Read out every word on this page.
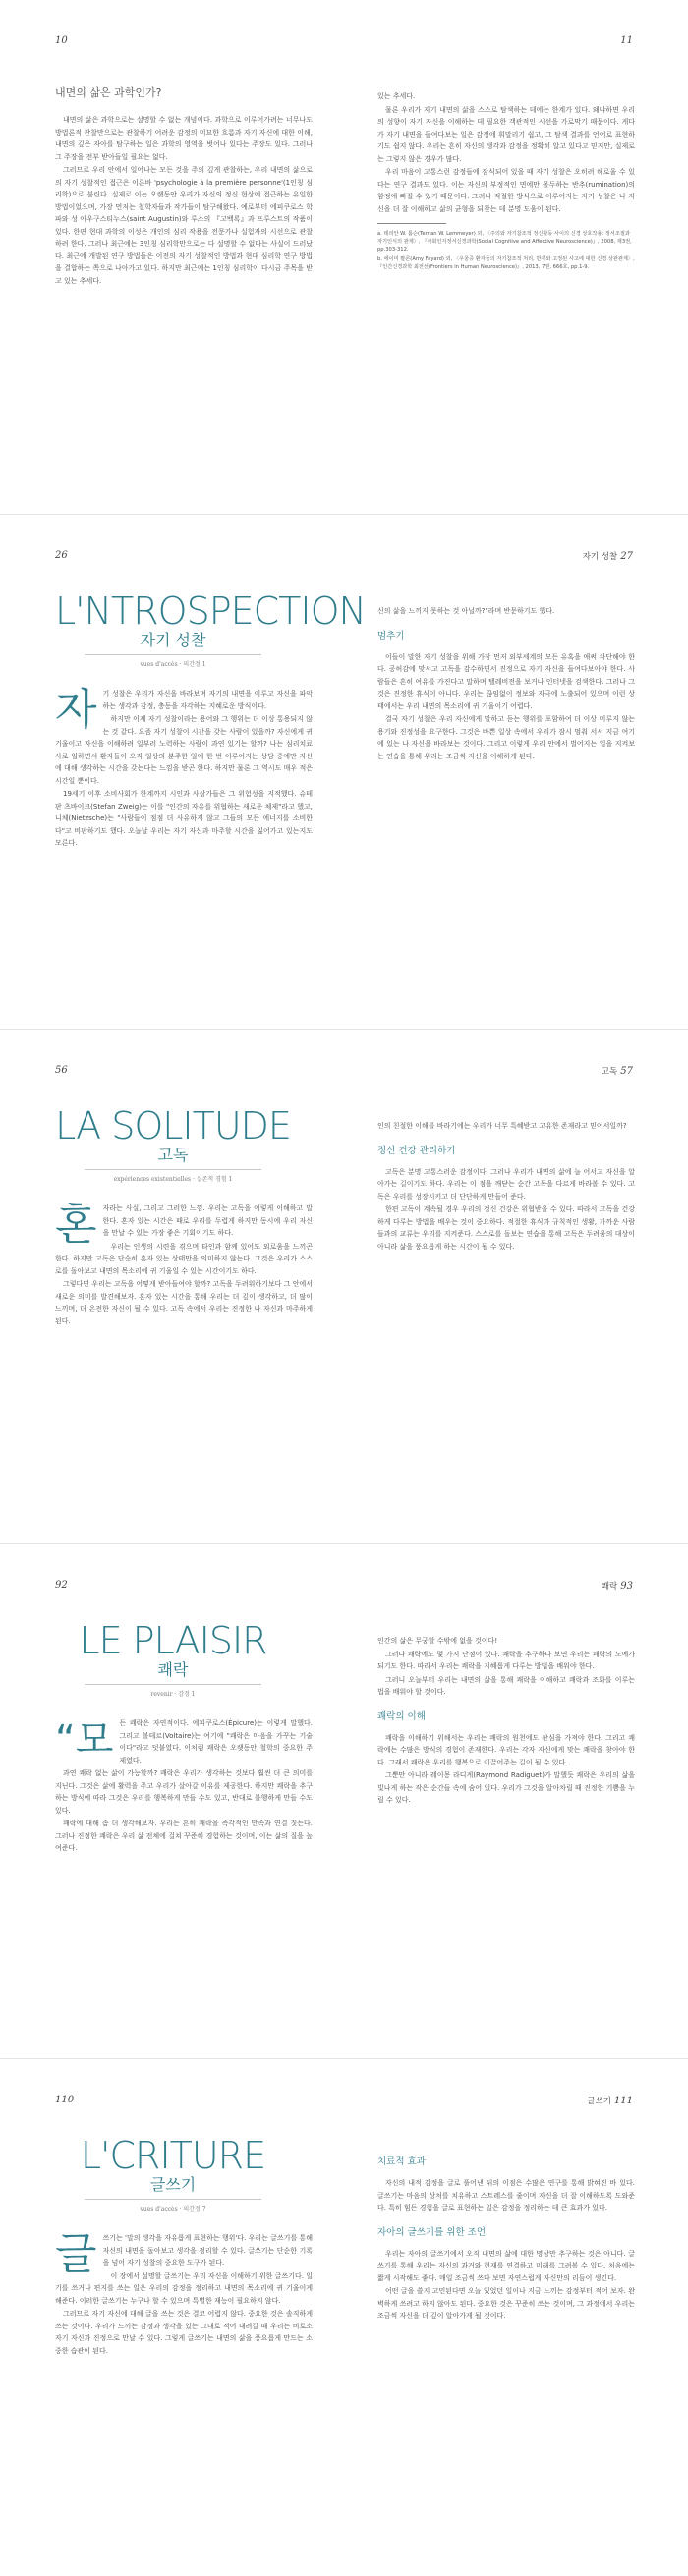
10
내면의 삶은 과학인가?

내면의 삶은 과학으로는 설명할 수 없는 개념이다. 과학으로 이루어가려는 너무나도 방법론적 관찰만으로는 관찰하기 어려운 감정의 미묘한 흐름과 자기 자신에 대한 이해, 내면의 깊은 자아를 탐구하는 일은 과학의 영역을 벗어나 있다는 주장도 있다. 그러나 그 주장을 전부 받아들일 필요는 없다.

그러므로 우리 안에서 일어나는 모든 것을 주의 깊게 관찰하는, 우리 내면의 삶으로의 자기 성찰적인 접근은 이른바 'psychologie à la première personne'(1인칭 심리학)으로 불린다. 실제로 이는 오랫동안 우리가 자신의 정신 현상에 접근하는 유일한 방법이었으며, 가장 먼저는 철학자들과 작가들이 탐구해왔다. 예로부터 에피쿠로스 학파와 성 아우구스티누스(saint Augustin)와 루소의 『고백록』과 프루스트의 작품이 있다. 한편 현대 과학의 이성은 개인의 심리 작용을 전문가나 실험자의 시선으로 관찰하려 한다. 그러나 최근에는 3인칭 심리학만으로는 다 설명할 수 없다는 사실이 드러났다. 최근에 개발된 연구 방법들은 이전의 자기 성찰적인 방법과 현대 심리학 연구 방법을 결합하는 쪽으로 나아가고 있다. 하지만 최근에는 1인칭 심리학이 다시금 주목을 받고 있는 추세다.

11

있는 추세다.

물론 우리가 자기 내면의 삶을 스스로 탐색하는 데에는 한계가 있다. 왜냐하면 우리의 성향이 자기 자신을 이해하는 데 필요한 객관적인 시선을 가로막기 때문이다. 게다가 자기 내면을 들여다보는 일은 감정에 휘말리기 쉽고, 그 탐색 결과를 언어로 표현하기도 쉽지 않다. 우리는 흔히 자신의 생각과 감정을 정확히 알고 있다고 믿지만, 실제로는 그렇지 않은 경우가 많다.

우리 마음이 고통스런 감정들에 잠식되어 있을 때 자기 성찰은 오히려 해로울 수 있다는 연구 결과도 있다. 이는 자신의 부정적인 면에만 몰두하는 반추(rumination)의 함정에 빠질 수 있기 때문이다. 그러나 적절한 방식으로 이루어지는 자기 성찰은 나 자신을 더 잘 이해하고 삶의 균형을 되찾는 데 분명 도움이 된다.

a. 테리안 W. 톰슨(Terrian W. Lemmeyer) 외, 〈주의와 자기참조적 정신활동 사이의 신경 상호작용: 정서조절과 자기인식의 관계〉, 『사회인지정서신경과학(Social Cognitive and Affective Neuroscience)』, 2008, 제3권, pp.303-312.

b. 에이미 팔콘(Amy Fayard) 외, 〈우울증 환자들의 자기참조적 처리, 반추와 고정된 사고에 대한 신경 상관관계〉, 『인간신경과학 최전선(Frontiers in Human Neuroscience)』, 2013, 7권, 666호, pp.1-9.

26
L'NTROSPECTION
자기 성찰
vues d'accès · 의간정 1

자기 성찰은 우리가 자신을 바라보며 자기의 내면을 이루고 자신을 파악하는 생각과 감정, 충동을 자각하는 지혜로운 방식이다.

하지만 이제 자기 성찰이라는 용어와 그 행위는 더 이상 통용되지 않는 것 같다. 요즘 자기 성찰이 시간을 갖는 사람이 있을까? 자신에게 귀 기울이고 자신을 이해하려 일부러 노력하는 사람이 과연 있기는 할까? 나는 심리치료사로 일하면서 환자들이 오직 일상의 분주한 일에 한 번 이루어지는 상담 중에만 자신에 대해 생각하는 시간을 갖는다는 느낌을 받곤 한다. 하지만 물론 그 역시도 매우 적은 시간일 뿐이다.

19세기 이후 소비사회가 한계까지 시인과 사상가들은 그 위험성을 지적했다. 슈테판 츠바이크(Stefan Zweig)는 이를 "인간의 자유를 위협하는 새로운 체제"라고 했고, 니체(Nietzsche)는 "사람들이 점점 더 사유하지 않고 그들의 모든 에너지를 소비한다"고 비판하기도 했다. 오늘날 우리는 자기 자신과 마주할 시간을 잃어가고 있는지도 모른다.

자기 성찰 27

신의 삶을 느끼지 못하는 것 아닐까?"라며 반문하기도 했다.

멈추기

이들이 말한 자기 성찰을 위해 가장 먼저 외부세계의 모든 유혹을 애써 차단해야 한다. 공허감에 맞서고 고독을 감수하면서 진정으로 자기 자신을 들여다보아야 한다. 사람들은 흔히 여유를 가진다고 말하며 텔레비전을 보거나 인터넷을 검색한다. 그러나 그것은 진정한 휴식이 아니다. 우리는 끊임없이 정보와 자극에 노출되어 있으며 이런 상태에서는 우리 내면의 목소리에 귀 기울이기 어렵다.

결국 자기 성찰은 우리 자신에게 말하고 듣는 행위를 포함하여 더 이상 미루지 않는 용기와 진정성을 요구한다. 그것은 바쁜 일상 속에서 우리가 잠시 멈춰 서서 지금 여기에 있는 나 자신을 바라보는 것이다. 그리고 이렇게 우리 안에서 벌어지는 일을 지켜보는 연습을 통해 우리는 조금씩 자신을 이해하게 된다.

56
LA SOLITUDE
고독
expériences existentielles · 실존적 경험 1

혼자라는 사실, 그리고 그러한 느낌. 우리는 고독을 이렇게 이해하고 말한다. 혼자 있는 시간은 때로 우리를 두렵게 하지만 동시에 우리 자신을 만날 수 있는 가장 좋은 기회이기도 하다.

우리는 인생의 시련을 겪으며 타인과 함께 있어도 외로움을 느끼곤 한다. 하지만 고독은 단순히 혼자 있는 상태만을 의미하지 않는다. 그것은 우리가 스스로를 돌아보고 내면의 목소리에 귀 기울일 수 있는 시간이기도 하다.

그렇다면 우리는 고독을 어떻게 받아들여야 할까? 고독을 두려워하기보다 그 안에서 새로운 의미를 발견해보자. 혼자 있는 시간을 통해 우리는 더 깊이 생각하고, 더 많이 느끼며, 더 온전한 자신이 될 수 있다. 고독 속에서 우리는 진정한 나 자신과 마주하게 된다.

고독 57

인의 친절한 이해를 바라기에는 우리가 너무 특혜받고 고유한 존재라고 믿어서일까?

정신 건강 관리하기

고독은 분명 고통스러운 감정이다. 그러나 우리가 내면의 삶에 늘 어서고 자신을 알아가는 길이기도 하다. 우리는 이 점을 깨닫는 순간 고독을 다르게 바라볼 수 있다. 고독은 우리를 성장시키고 더 단단하게 만들어 준다.

한편 고독이 계속될 경우 우리의 정신 건강은 위협받을 수 있다. 따라서 고독을 건강하게 다루는 방법을 배우는 것이 중요하다. 적절한 휴식과 규칙적인 생활, 가까운 사람들과의 교류는 우리를 지켜준다. 스스로를 돌보는 연습을 통해 고독은 두려움의 대상이 아니라 삶을 풍요롭게 하는 시간이 될 수 있다.

92
LE PLAISIR
쾌락
revenir · 감정 1

“모든 쾌락은 자연적이다. 에피쿠로스(Épicure)는 이렇게 말했다. 그리고 볼테르(Voltaire)는 여기에 "쾌락은 마음을 가꾸는 기술이다"라고 덧붙였다. 이처럼 쾌락은 오랫동안 철학의 중요한 주제였다.

과연 쾌락 없는 삶이 가능할까? 쾌락은 우리가 생각하는 것보다 훨씬 더 큰 의미를 지닌다. 그것은 삶에 활력을 주고 우리가 살아갈 이유를 제공한다. 하지만 쾌락을 추구하는 방식에 따라 그것은 우리를 행복하게 만들 수도 있고, 반대로 불행하게 만들 수도 있다.

쾌락에 대해 좀 더 생각해보자. 우리는 흔히 쾌락을 즉각적인 만족과 연결 짓는다. 그러나 진정한 쾌락은 우리 삶 전체에 걸쳐 꾸준히 경험하는 것이며, 이는 삶의 질을 높여준다.

쾌락 93

인간의 삶은 무궁할 수밖에 없을 것이다!

그러나 쾌락에도 몇 가지 단점이 있다. 쾌락을 추구하다 보면 우리는 쾌락의 노예가 되기도 한다. 따라서 우리는 쾌락을 지혜롭게 다루는 방법을 배워야 한다.

그러니 오늘부터 우리는 내면의 삶을 통해 쾌락을 이해하고 쾌락과 조화를 이루는 법을 배워야 할 것이다.

쾌락의 이해

쾌락을 이해하기 위해서는 우리는 쾌락의 원천에도 관심을 가져야 한다. 그리고 쾌락에는 수많은 방식의 경험이 존재한다. 우리는 각자 자신에게 맞는 쾌락을 찾아야 한다. 그래서 쾌락은 우리를 행복으로 이끌어주는 길이 될 수 있다.

그뿐만 아니라 레이몽 라디게(Raymond Radiguet)가 말했듯 쾌락은 우리의 삶을 빛나게 하는 작은 순간들 속에 숨어 있다. 우리가 그것을 알아차릴 때 진정한 기쁨을 누릴 수 있다.

110
L'CRITURE
글쓰기
vues d'accès · 의간정 7

글쓰기는 '말의 생각을 자유롭게 표현하는 행위'다. 우리는 글쓰기를 통해 자신의 내면을 돌아보고 생각을 정리할 수 있다. 글쓰기는 단순한 기록을 넘어 자기 성찰의 중요한 도구가 된다.

이 장에서 설명할 글쓰기는 우리 자신을 이해하기 위한 글쓰기다. 일기를 쓰거나 편지를 쓰는 일은 우리의 감정을 정리하고 내면의 목소리에 귀 기울이게 해준다. 이러한 글쓰기는 누구나 할 수 있으며 특별한 재능이 필요하지 않다.

그러므로 자기 자신에 대해 글을 쓰는 것은 결코 어렵지 않다. 중요한 것은 솔직하게 쓰는 것이다. 우리가 느끼는 감정과 생각을 있는 그대로 적어 내려갈 때 우리는 비로소 자기 자신과 진정으로 만날 수 있다. 그렇게 글쓰기는 내면의 삶을 풍요롭게 만드는 소중한 습관이 된다.

글쓰기 111
치료적 효과

자신의 내적 감정을 글로 풀어낸 뒤의 이점은 수많은 연구를 통해 밝혀진 바 있다. 글쓰기는 마음의 상처를 치유하고 스트레스를 줄이며 자신을 더 잘 이해하도록 도와준다. 특히 힘든 경험을 글로 표현하는 일은 감정을 정리하는 데 큰 효과가 있다.

자아의 글쓰기를 위한 조언

우리는 자아의 글쓰기에서 오직 내면의 삶에 대한 명상만 추구하는 것은 아니다. 글쓰기를 통해 우리는 자신의 과거와 현재를 연결하고 미래를 그려볼 수 있다. 처음에는 짧게 시작해도 좋다. 매일 조금씩 쓰다 보면 자연스럽게 자신만의 리듬이 생긴다.

어떤 글을 쓸지 고민된다면 오늘 있었던 일이나 지금 느끼는 감정부터 적어 보자. 완벽하게 쓰려고 하지 않아도 된다. 중요한 것은 꾸준히 쓰는 것이며, 그 과정에서 우리는 조금씩 자신을 더 깊이 알아가게 될 것이다.
